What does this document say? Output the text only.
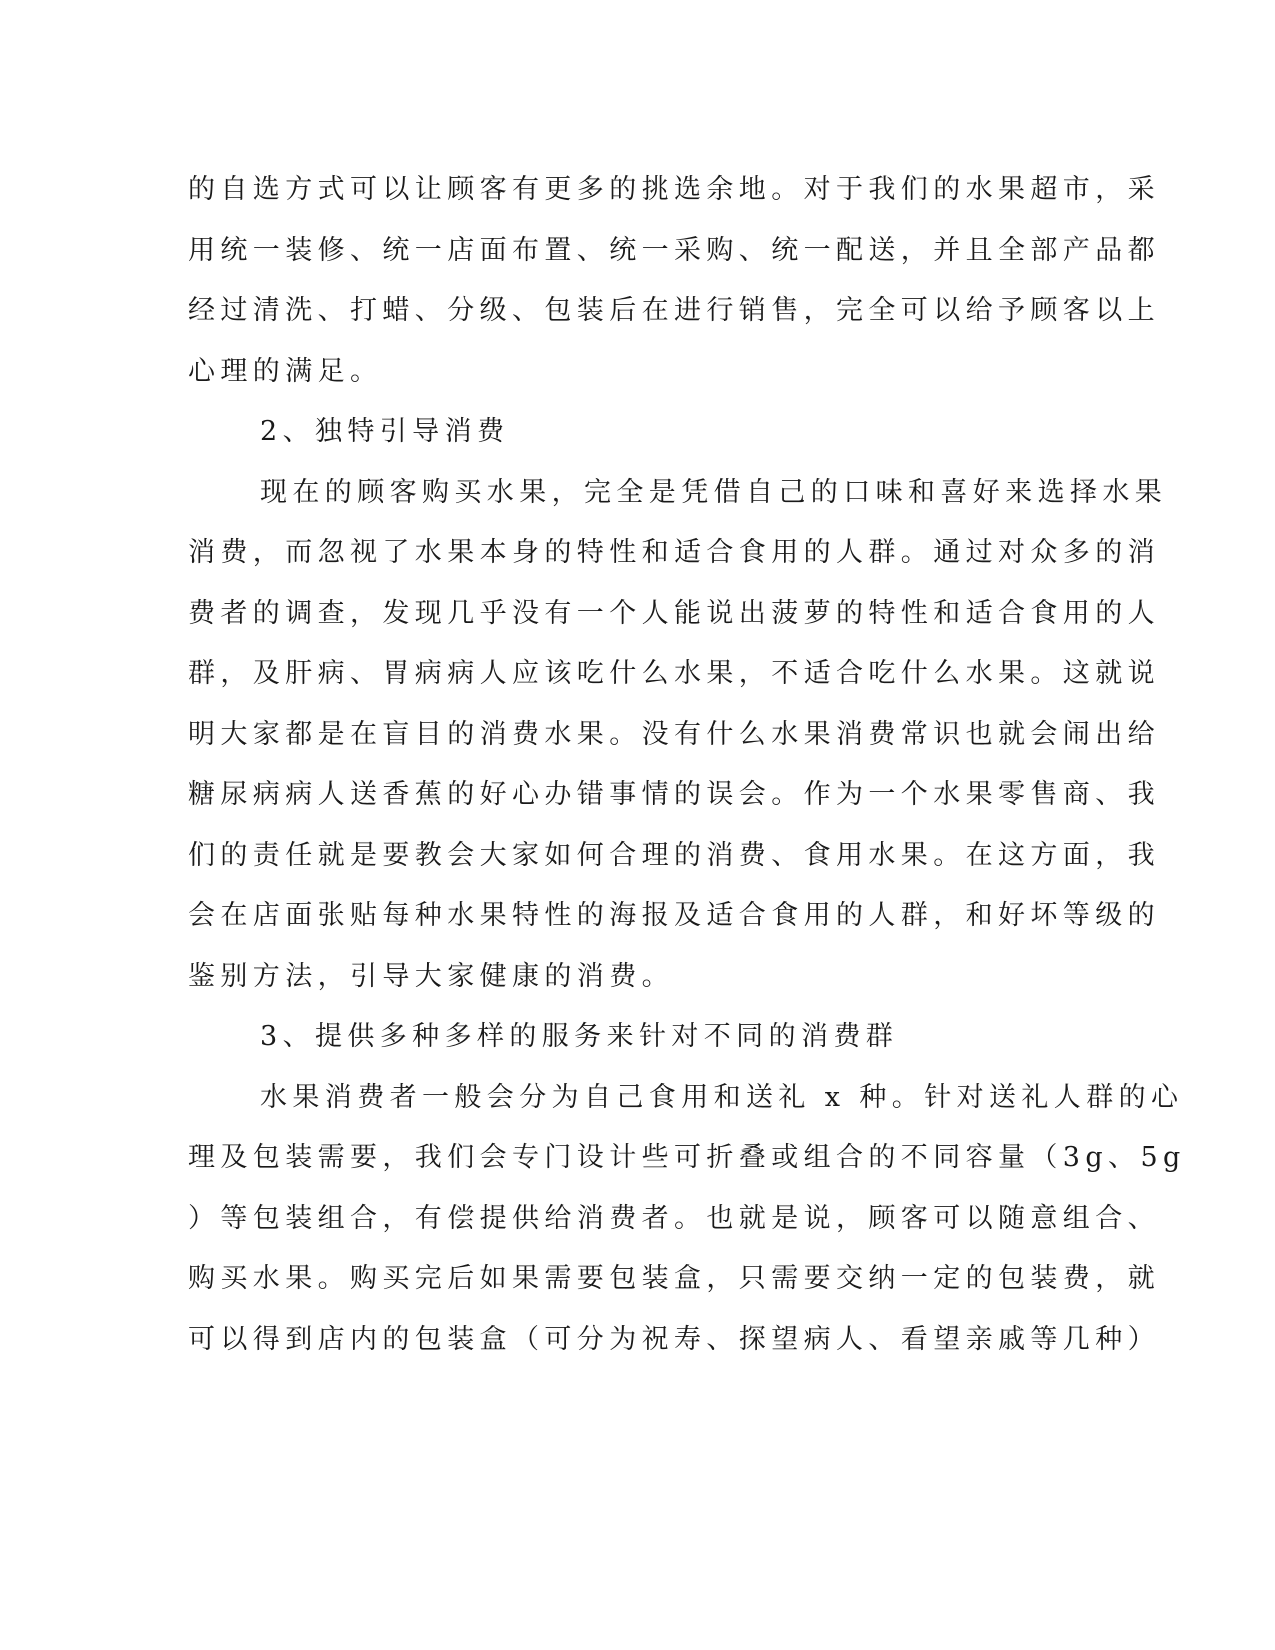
的自选方式可以让顾客有更多的挑选余地。对于我们的水果超市，采
用统一装修、统一店面布置、统一采购、统一配送，并且全部产品都
经过清洗、打蜡、分级、包装后在进行销售，完全可以给予顾客以上
心理的满足。
2、独特引导消费
现在的顾客购买水果，完全是凭借自己的口味和喜好来选择水果
消费，而忽视了水果本身的特性和适合食用的人群。通过对众多的消
费者的调查，发现几乎没有一个人能说出菠萝的特性和适合食用的人
群，及肝病、胃病病人应该吃什么水果，不适合吃什么水果。这就说
明大家都是在盲目的消费水果。没有什么水果消费常识也就会闹出给
糖尿病病人送香蕉的好心办错事情的误会。作为一个水果零售商、我
们的责任就是要教会大家如何合理的消费、食用水果。在这方面，我
会在店面张贴每种水果特性的海报及适合食用的人群，和好坏等级的
鉴别方法，引导大家健康的消费。
3、提供多种多样的服务来针对不同的消费群
水果消费者一般会分为自己食用和送礼 x 种。针对送礼人群的心
理及包装需要，我们会专门设计些可折叠或组合的不同容量（3g、5g
）等包装组合，有偿提供给消费者。也就是说，顾客可以随意组合、
购买水果。购买完后如果需要包装盒，只需要交纳一定的包装费，就
可以得到店内的包装盒（可分为祝寿、探望病人、看望亲戚等几种）
